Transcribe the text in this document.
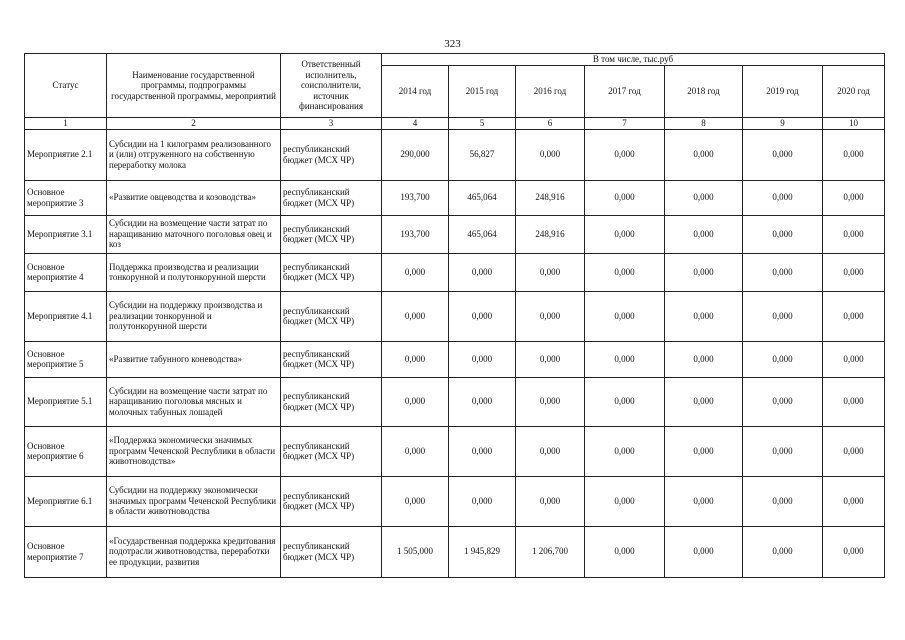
323
Статус	Наименование государственной программы, подпрограммы государственной программы, мероприятий	Ответственный исполнитель, соисполнители, источник финансирования	В том числе, тыс.руб						
			2014 год	2015 год	2016 год	2017 год	2018 год	2019 год	2020 год
1	2	3	4	5	6	7	8	9	10
Мероприятие 2.1	Субсидии на 1 килограмм реализованного и (или) отгруженного на собственную переработку молока	республиканский бюджет (МСХ ЧР)	290,000	56,827	0,000	0,000	0,000	0,000	0,000
Основное мероприятие 3	«Развитие овцеводства и козоводства»	республиканский бюджет (МСХ ЧР)	193,700	465,064	248,916	0,000	0,000	0,000	0,000
Мероприятие 3.1	Субсидии на возмещение части затрат по наращиванию маточного поголовья овец и коз	республиканский бюджет (МСХ ЧР)	193,700	465,064	248,916	0,000	0,000	0,000	0,000
Основное мероприятие 4	Поддержка производства и реализации тонкорунной и полутонкорунной шерсти	республиканский бюджет (МСХ ЧР)	0,000	0,000	0,000	0,000	0,000	0,000	0,000
Мероприятие 4.1	Субсидии на поддержку производства и реализации тонкорунной и полутонкорунной шерсти	республиканский бюджет (МСХ ЧР)	0,000	0,000	0,000	0,000	0,000	0,000	0,000
Основное мероприятие 5	«Развитие табунного коневодства»	республиканский бюджет (МСХ ЧР)	0,000	0,000	0,000	0,000	0,000	0,000	0,000
Мероприятие 5.1	Субсидии на возмещение части затрат по наращиванию поголовья мясных и молочных табунных лошадей	республиканский бюджет (МСХ ЧР)	0,000	0,000	0,000	0,000	0,000	0,000	0,000
Основное мероприятие 6	«Поддержка экономически значимых программ Чеченской Республики в области животноводства»	республиканский бюджет (МСХ ЧР)	0,000	0,000	0,000	0,000	0,000	0,000	0,000
Мероприятие 6.1	Субсидии на поддержку экономически значимых программ Чеченской Республики в области животноводства	республиканский бюджет (МСХ ЧР)	0,000	0,000	0,000	0,000	0,000	0,000	0,000
Основное мероприятие 7	«Государственная поддержка кредитования подотрасли животноводства, переработки ее продукции, развития	республиканский бюджет (МСХ ЧР)	1 505,000	1 945,829	1 206,700	0,000	0,000	0,000	0,000
